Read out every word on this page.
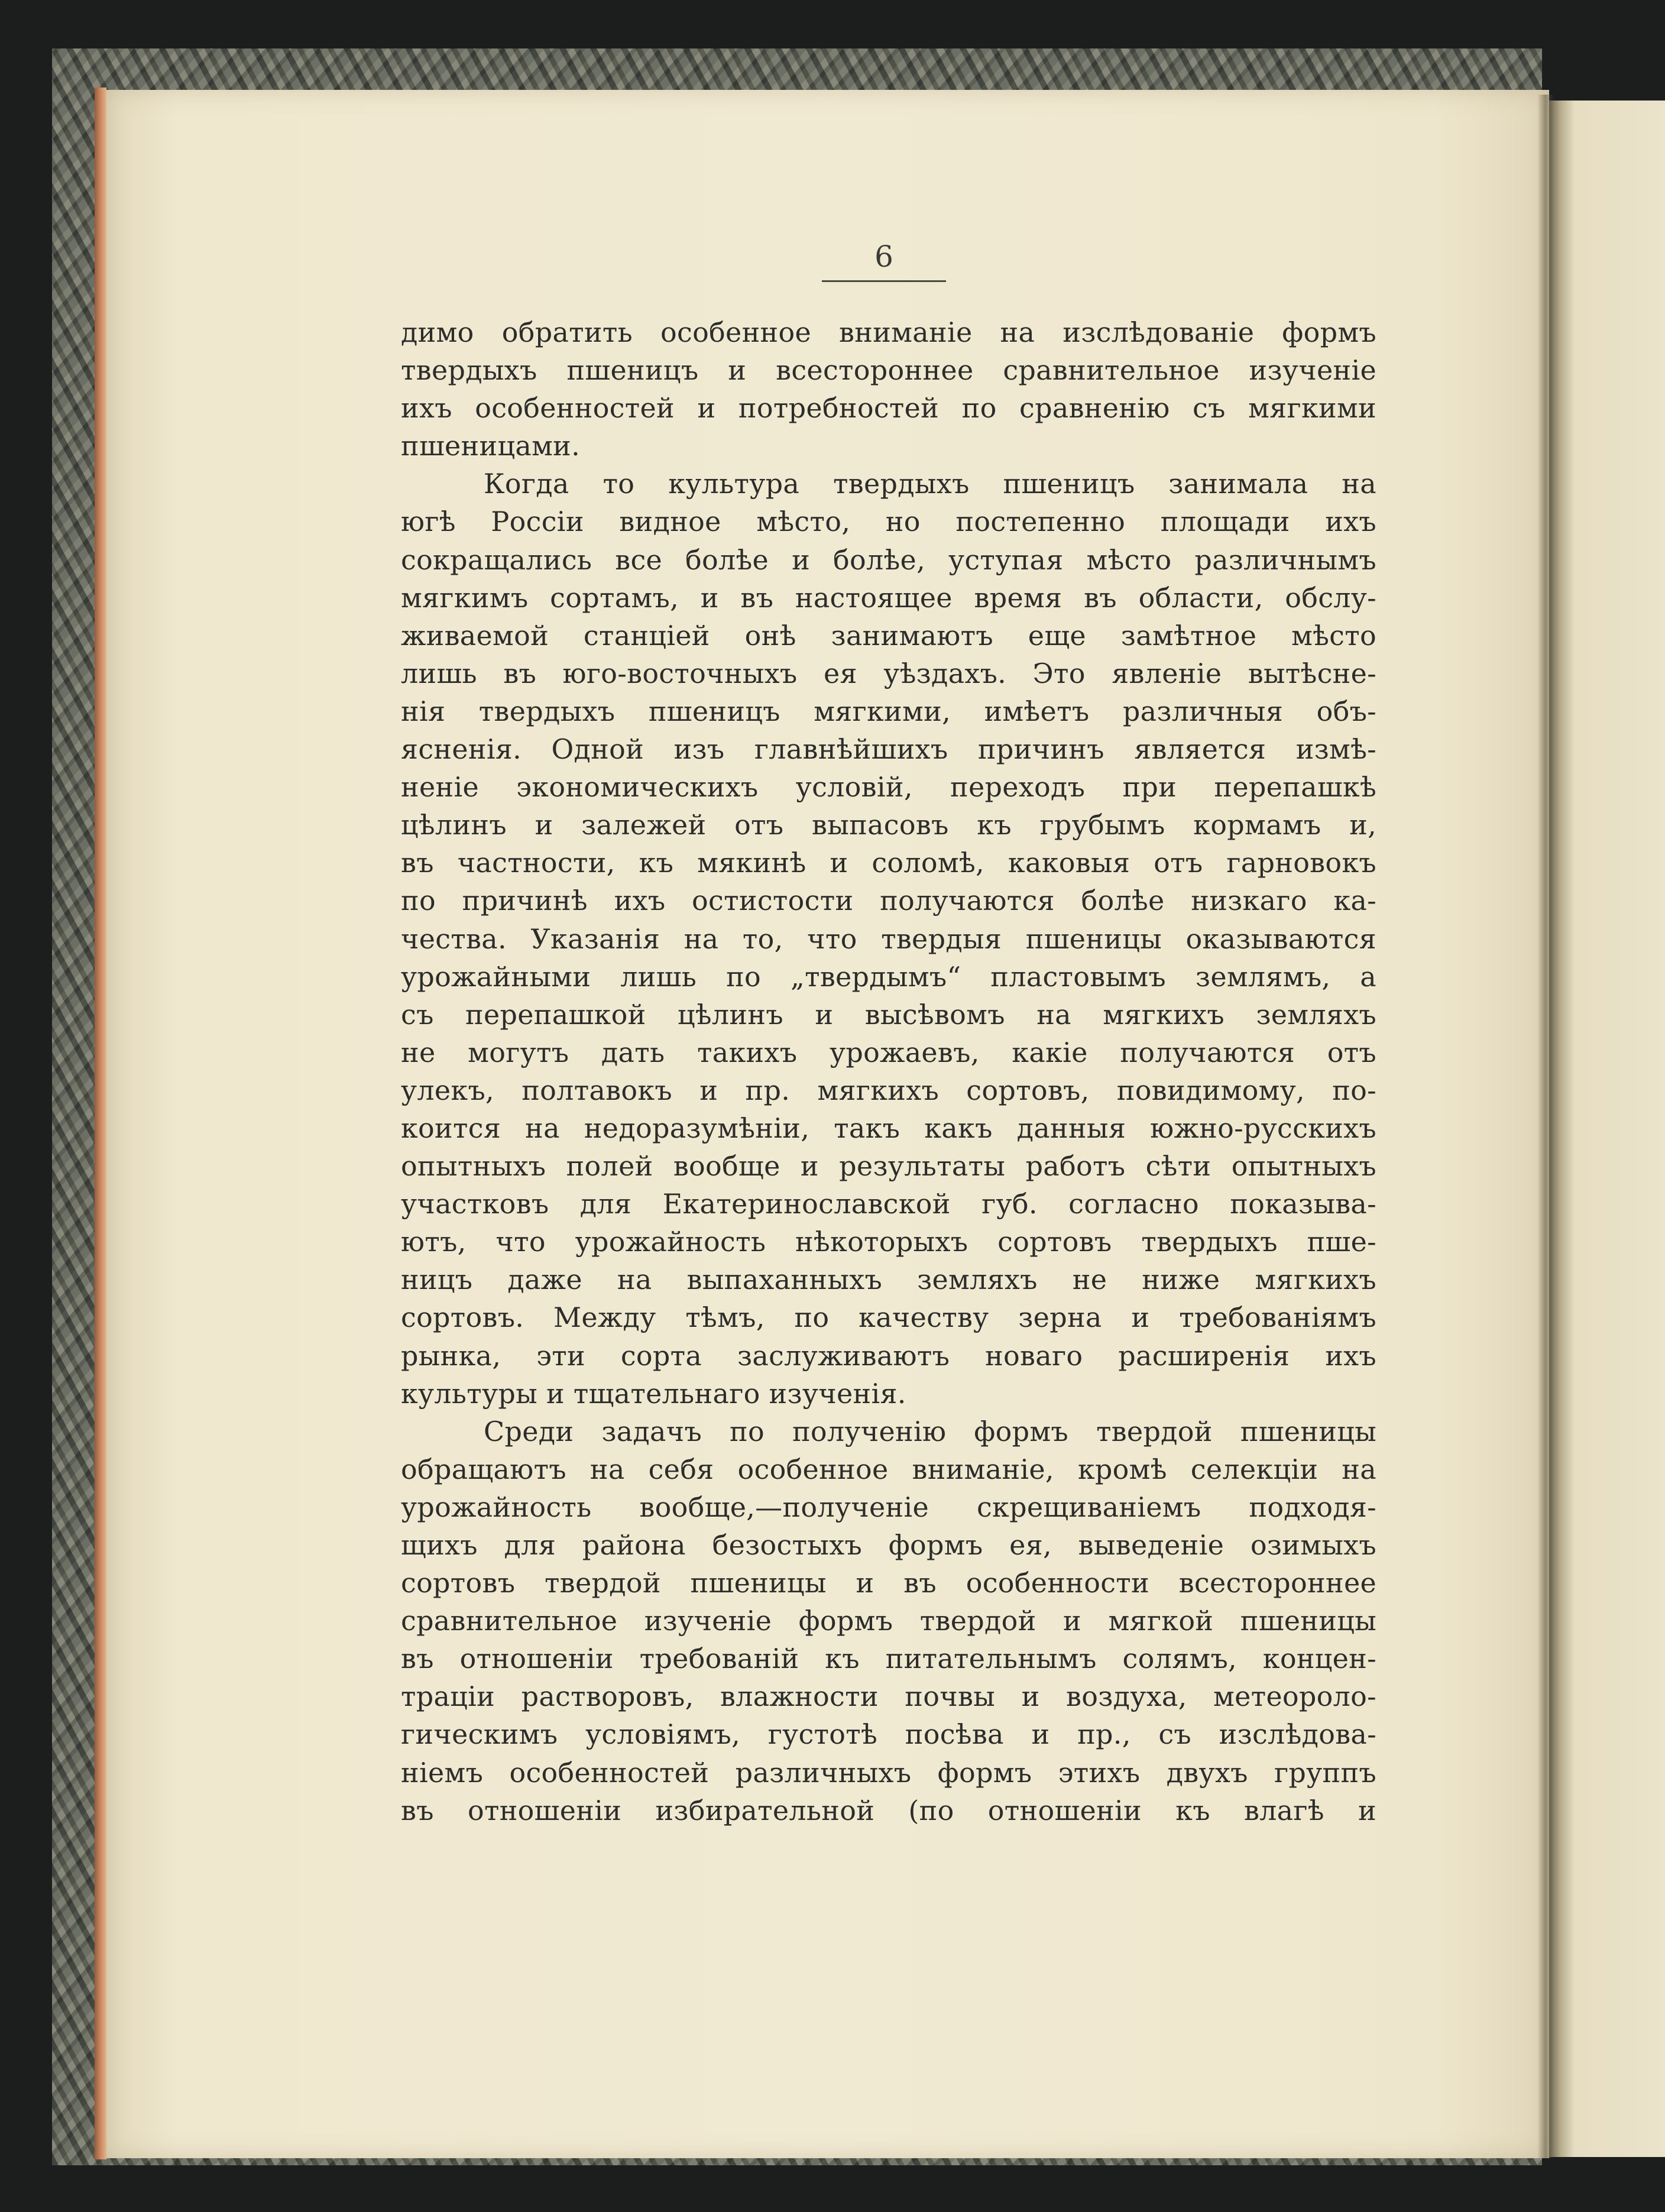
6
димо обратить особенное вниманіе на изслѣдованіе формъ
твердыхъ пшеницъ и всестороннее сравнительное изученіе
ихъ особенностей и потребностей по сравненію съ мягкими
пшеницами.
Когда то культура твердыхъ пшеницъ занимала на
югѣ Россіи видное мѣсто, но постепенно площади ихъ
сокращались все болѣе и болѣе, уступая мѣсто различнымъ
мягкимъ сортамъ, и въ настоящее время въ области, обслу-
живаемой станціей онѣ занимаютъ еще замѣтное мѣсто
лишь въ юго-восточныхъ ея уѣздахъ. Это явленіе вытѣсне-
нія твердыхъ пшеницъ мягкими, имѣетъ различныя объ-
ясненія. Одной изъ главнѣйшихъ причинъ является измѣ-
неніе экономическихъ условій, переходъ при перепашкѣ
цѣлинъ и залежей отъ выпасовъ къ грубымъ кормамъ и,
въ частности, къ мякинѣ и соломѣ, каковыя отъ гарновокъ
по причинѣ ихъ остистости получаются болѣе низкаго ка-
чества. Указанія на то, что твердыя пшеницы оказываются
урожайными лишь по „твердымъ“ пластовымъ землямъ, а
съ перепашкой цѣлинъ и высѣвомъ на мягкихъ земляхъ
не могутъ дать такихъ урожаевъ, какіе получаются отъ
улекъ, полтавокъ и пр. мягкихъ сортовъ, повидимому, по-
коится на недоразумѣніи, такъ какъ данныя южно-русскихъ
опытныхъ полей вообще и результаты работъ сѣти опытныхъ
участковъ для Екатеринославской губ. согласно показыва-
ютъ, что урожайность нѣкоторыхъ сортовъ твердыхъ пше-
ницъ даже на выпаханныхъ земляхъ не ниже мягкихъ
сортовъ. Между тѣмъ, по качеству зерна и требованіямъ
рынка, эти сорта заслуживаютъ новаго расширенія ихъ
культуры и тщательнаго изученія.
Среди задачъ по полученію формъ твердой пшеницы
обращаютъ на себя особенное вниманіе, кромѣ селекціи на
урожайность вообще,—полученіе скрещиваніемъ подходя-
щихъ для района безостыхъ формъ ея, выведеніе озимыхъ
сортовъ твердой пшеницы и въ особенности всестороннее
сравнительное изученіе формъ твердой и мягкой пшеницы
въ отношеніи требованій къ питательнымъ солямъ, концен-
траціи растворовъ, влажности почвы и воздуха, метеороло-
гическимъ условіямъ, густотѣ посѣва и пр., съ изслѣдова-
ніемъ особенностей различныхъ формъ этихъ двухъ группъ
въ отношеніи избирательной (по отношеніи къ влагѣ и
